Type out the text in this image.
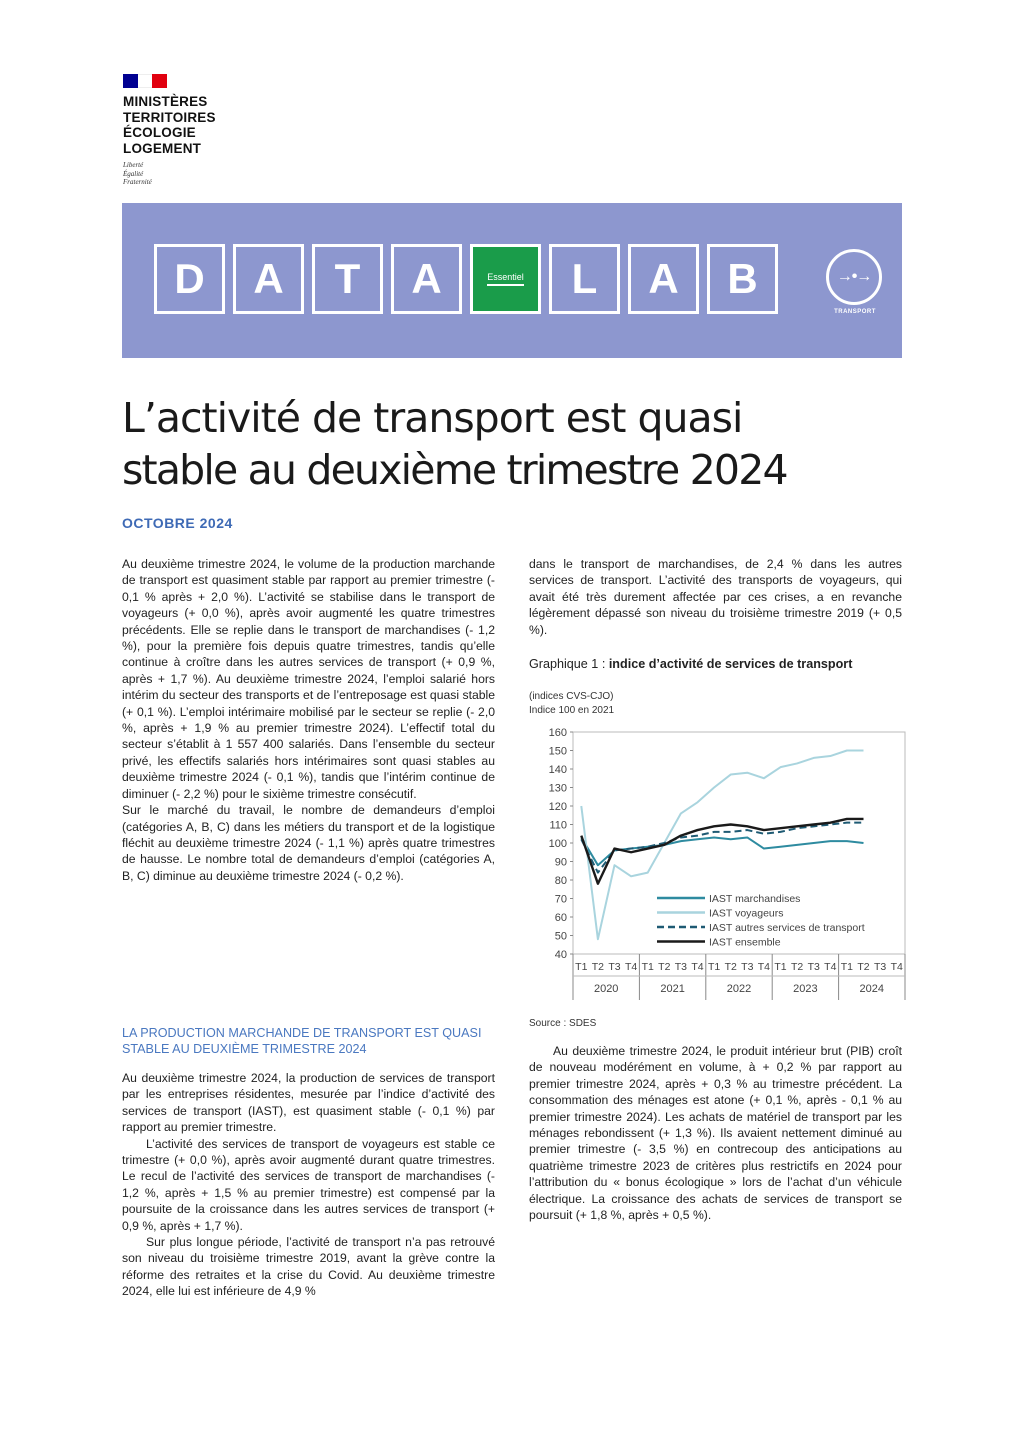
MINISTÈRES
TERRITOIRES
ÉCOLOGIE
LOGEMENT
Liberté
Égalité
Fraternité
D	A	T	A	Essentiel	L	A	B	→•→
TRANSPORT
L’activité de transport est quasi
stable au deuxième trimestre 2024
OCTOBRE 2024

Au deuxième trimestre 2024, le volume de la production marchande de transport est quasiment stable par rapport au premier trimestre (- 0,1 % après + 2,0 %). L’activité se stabilise dans le transport de voyageurs (+ 0,0 %), après avoir augmenté les quatre trimestres précédents. Elle se replie dans le transport de marchandises (- 1,2 %), pour la première fois depuis quatre trimestres, tandis qu’elle continue à croître dans les autres services de transport (+ 0,9 %, après + 1,7 %). Au deuxième trimestre 2024, l’emploi salarié hors intérim du secteur des transports et de l’entreposage est quasi stable (+ 0,1 %). L’emploi intérimaire mobilisé par le secteur se replie (- 2,0 %, après + 1,9 % au premier trimestre 2024). L’effectif total du secteur s’établit à 1 557 400 salariés. Dans l’ensemble du secteur privé, les effectifs salariés hors intérimaires sont quasi stables au deuxième trimestre 2024 (- 0,1 %), tandis que l’intérim continue de diminuer (- 2,2 %) pour le sixième trimestre consécutif.

Sur le marché du travail, le nombre de demandeurs d’emploi (catégories A, B, C) dans les métiers du transport et de la logistique fléchit au deuxième trimestre 2024 (- 1,1 %) après quatre trimestres de hausse. Le nombre total de demandeurs d’emploi (catégories A, B, C) diminue au deuxième trimestre 2024 (- 0,2 %).

LA PRODUCTION MARCHANDE DE TRANSPORT EST QUASI STABLE AU DEUXIÈME TRIMESTRE 2024

Au deuxième trimestre 2024, la production de services de transport par les entreprises résidentes, mesurée par l’indice d’activité des services de transport (IAST), est quasiment stable (- 0,1 %) par rapport au premier trimestre.

L’activité des services de transport de voyageurs est stable ce trimestre (+ 0,0 %), après avoir augmenté durant quatre trimestres. Le recul de l’activité des services de transport de marchandises (- 1,2 %, après + 1,5 % au premier trimestre) est compensé par la poursuite de la croissance dans les autres services de transport (+ 0,9 %, après + 1,7 %).

Sur plus longue période, l’activité de transport n’a pas retrouvé son niveau du troisième trimestre 2019, avant la grève contre la réforme des retraites et la crise du Covid. Au deuxième trimestre 2024, elle lui est inférieure de 4,9 %

dans le transport de marchandises, de 2,4 % dans les autres services de transport. L’activité des transports de voyageurs, qui avait été très durement affectée par ces crises, a en revanche légèrement dépassé son niveau du troisième trimestre 2019 (+ 0,5 %).
Graphique 1 : indice d’activité de services de transport
(indices CVS-CJO)
Indice 100 en 2021
40
50
60
70
80
90
100
110
120
130
140
150
160
T1 T2 T3 T4 T1 T2 T3 T4 T1 T2 T3 T4 T1 T2 T3 T4 T1 T2 T3 T4
2020	2021	2022	2023	2024
IAST marchandises
IAST voyageurs
IAST autres services de transport
IAST ensemble
Source : SDES

Au deuxième trimestre 2024, le produit intérieur brut (PIB) croît de nouveau modérément en volume, à + 0,2 % par rapport au premier trimestre 2024, après + 0,3 % au trimestre précédent. La consommation des ménages est atone (+ 0,1 %, après - 0,1 % au premier trimestre 2024). Les achats de matériel de transport par les ménages rebondissent (+ 1,3 %). Ils avaient nettement diminué au premier trimestre (- 3,5 %) en contrecoup des anticipations au quatrième trimestre 2023 de critères plus restrictifs en 2024 pour l’attribution du « bonus écologique » lors de l’achat d’un véhicule électrique. La croissance des achats de services de transport se poursuit (+ 1,8 %, après + 0,5 %).
